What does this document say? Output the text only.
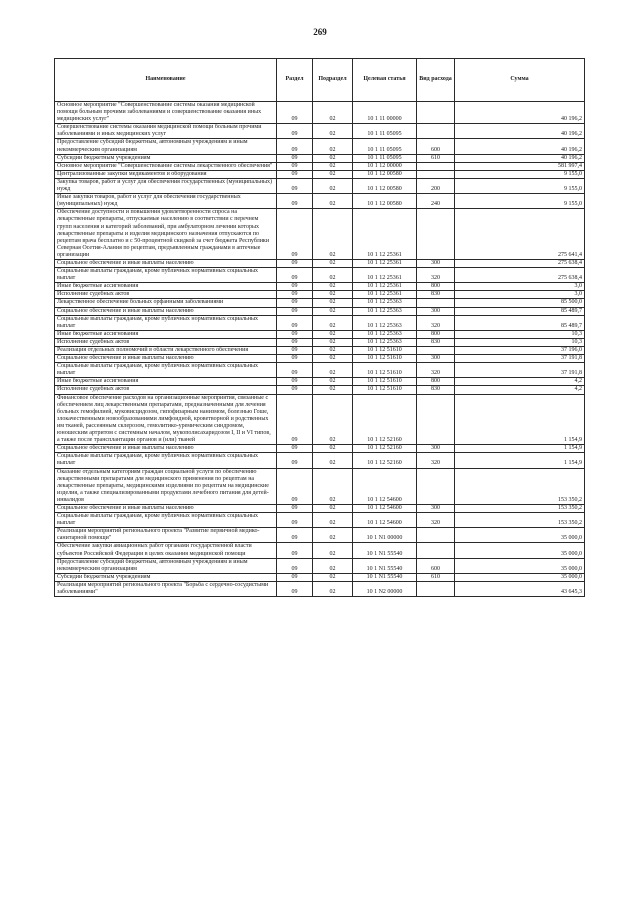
269
Наименование	Раздел	Подраздел	Целевая статья	Вид расхода	Сумма
Основное мероприятие "Совершенствование системы оказания медицинской помощи больным прочими заболеваниями и совершенствование оказания иных медицинских услуг"	09	02	10 1 11 00000		40 196,2
Совершенствование системы оказания медицинской помощи больным прочими заболеваниями и иных медицинских услуг	09	02	10 1 11 05095		40 196,2
Предоставление субсидий бюджетным, автономным учреждениям и иным некоммерческим организациям	09	02	10 1 11 05095	600	40 196,2
Субсидии бюджетным учреждениям	09	02	10 1 11 05095	610	40 196,2
Основное мероприятие "Совершенствование системы лекарственного обеспечения"	09	02	10 1 12 00000		581 997,4
Централизованные закупки медикаментов и оборудования	09	02	10 1 12 00580		9 155,0
Закупка товаров, работ и услуг для обеспечения государственных (муниципальных) нужд	09	02	10 1 12 00580	200	9 155,0
Иные закупки товаров, работ и услуг для обеспечения государственных (муниципальных) нужд	09	02	10 1 12 00580	240	9 155,0
Обеспечение доступности и повышения удовлетворенности спроса на лекарственные препараты, отпускаемые населению в соответствии с перечнем групп населения и категорий заболеваний, при амбулаторном лечении которых лекарственные препараты и изделия медицинского назначения отпускаются по рецептам врача бесплатно и с 50-процентной скидкой за счет бюджета Республики Северная Осетия-Алания по рецептам, предъявленным гражданами в аптечные организации	09	02	10 1 12 25361		275 641,4
Социальное обеспечение и иные выплаты населению	09	02	10 1 12 25361	300	275 638,4
Социальные выплаты гражданам, кроме публичных нормативных социальных выплат	09	02	10 1 12 25361	320	275 638,4
Иные бюджетные ассигнования	09	02	10 1 12 25361	800	3,0
Исполнение судебных актов	09	02	10 1 12 25361	830	3,0
Лекарственное обеспечение больных орфанными заболеваниями	09	02	10 1 12 25363		85 500,0
Социальное обеспечение и иные выплаты населению	09	02	10 1 12 25363	300	85 489,7
Социальные выплаты гражданам, кроме публичных нормативных социальных выплат	09	02	10 1 12 25363	320	85 489,7
Иные бюджетные ассигнования	09	02	10 1 12 25363	800	10,3
Исполнение судебных актов	09	02	10 1 12 25363	830	10,3
Реализация отдельных полномочий в области лекарственного обеспечения	09	02	10 1 12 51610		37 196,0
Социальное обеспечение и иные выплаты населению	09	02	10 1 12 51610	300	37 191,8
Социальные выплаты гражданам, кроме публичных нормативных социальных выплат	09	02	10 1 12 51610	320	37 191,8
Иные бюджетные ассигнования	09	02	10 1 12 51610	800	4,2
Исполнение судебных актов	09	02	10 1 12 51610	830	4,2
Финансовое обеспечение расходов на организационные мероприятия, связанные с обеспечением лиц лекарственными препаратами, предназначенными для лечения больных гемофилией, муковисцидозом, гипофизарным нанизмом, болезнью Гоше, злокачественными новообразованиями лимфоидной, кроветворной и родственных им тканей, рассеянным склерозом, гемолитико-уремическим синдромом, юношеским артритом с системным началом, мукополисахаридозом I, II и VI типов, а также после трансплантации органов и (или) тканей	09	02	10 1 12 52160		1 154,9
Социальное обеспечение и иные выплаты населению	09	02	10 1 12 52160	300	1 154,9
Социальные выплаты гражданам, кроме публичных нормативных социальных выплат	09	02	10 1 12 52160	320	1 154,9
Оказание отдельным категориям граждан социальной услуги по обеспечению лекарственными препаратами для медицинского применения по рецептам на лекарственные препараты, медицинскими изделиями по рецептам на медицинские изделия, а также специализированными продуктами лечебного питания для детей-инвалидов	09	02	10 1 12 54600		153 350,2
Социальное обеспечение и иные выплаты населению	09	02	10 1 12 54600	300	153 350,2
Социальные выплаты гражданам, кроме публичных нормативных социальных выплат	09	02	10 1 12 54600	320	153 350,2
Реализация мероприятий регионального проекта "Развитие первичной медико-санитарной помощи"	09	02	10 1 N1 00000		35 000,0
Обеспечение закупки авиационных работ органами государственной власти субъектов Российской Федерации в целях оказания медицинской помощи	09	02	10 1 N1 55540		35 000,0
Предоставление субсидий бюджетным, автономным учреждениям и иным некоммерческим организациям	09	02	10 1 N1 55540	600	35 000,0
Субсидии бюджетным учреждениям	09	02	10 1 N1 55540	610	35 000,0
Реализация мероприятий регионального проекта "Борьба с сердечно-сосудистыми заболеваниями"	09	02	10 1 N2 00000		43 645,3
